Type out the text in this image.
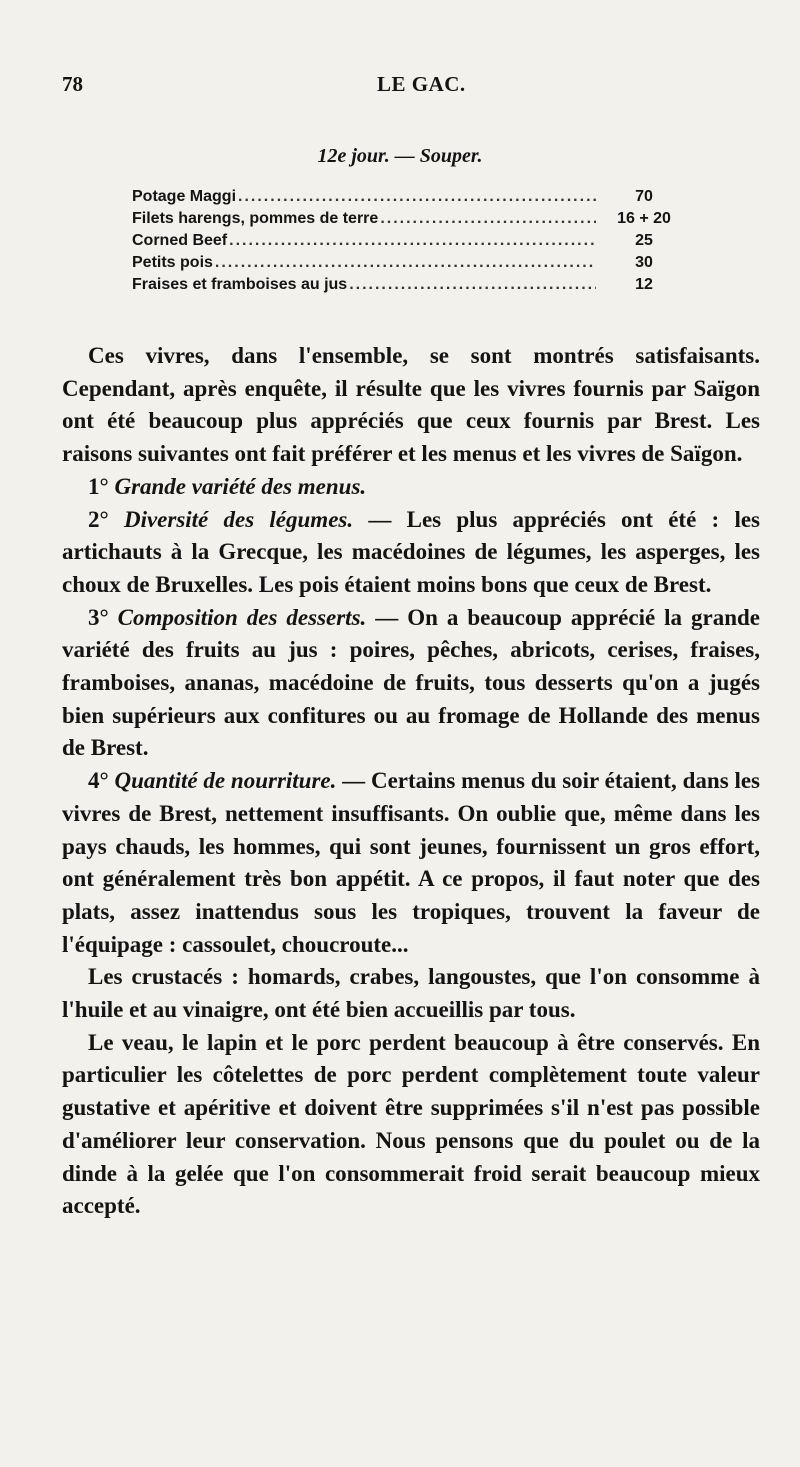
78	LE GAC.
12e jour. — Souper.
Potage Maggi .....	70
Filets harengs, pommes de terre .....	16 + 20
Corned Beef .....	25
Petits pois .....	30
Fraises et framboises au jus .....	12

Ces vivres, dans l'ensemble, se sont montrés satisfaisants. Cependant, après enquête, il résulte que les vivres fournis par Saïgon ont été beaucoup plus appréciés que ceux fournis par Brest. Les raisons suivantes ont fait préférer et les menus et les vivres de Saïgon.

1° Grande variété des menus.

2° Diversité des légumes. — Les plus appréciés ont été : les artichauts à la Grecque, les macédoines de légumes, les asperges, les choux de Bruxelles. Les pois étaient moins bons que ceux de Brest.

3° Composition des desserts. — On a beaucoup apprécié la grande variété des fruits au jus : poires, pêches, abricots, cerises, fraises, framboises, ananas, macédoine de fruits, tous desserts qu'on a jugés bien supérieurs aux confitures ou au fromage de Hollande des menus de Brest.

4° Quantité de nourriture. — Certains menus du soir étaient, dans les vivres de Brest, nettement insuffisants. On oublie que, même dans les pays chauds, les hommes, qui sont jeunes, fournissent un gros effort, ont généralement très bon appétit. A ce propos, il faut noter que des plats, assez inattendus sous les tropiques, trouvent la faveur de l'équipage : cassoulet, choucroute...

Les crustacés : homards, crabes, langoustes, que l'on consomme à l'huile et au vinaigre, ont été bien accueillis par tous.

Le veau, le lapin et le porc perdent beaucoup à être conservés. En particulier les côtelettes de porc perdent complètement toute valeur gustative et apéritive et doivent être supprimées s'il n'est pas possible d'améliorer leur conservation. Nous pensons que du poulet ou de la dinde à la gelée que l'on consommerait froid serait beaucoup mieux accepté.
